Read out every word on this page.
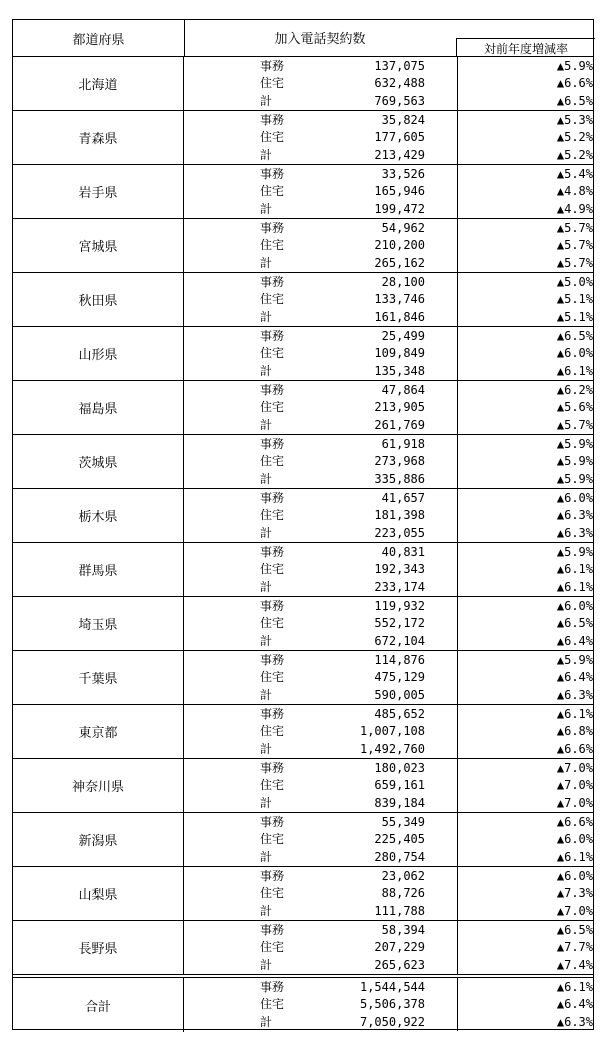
都道府県	加入電話契約数
対前年度増減率
北海道
事務	137,075	▲5.9%
住宅	632,488	▲6.6%
計	769,563	▲6.5%
青森県
事務	35,824	▲5.3%
住宅	177,605	▲5.2%
計	213,429	▲5.2%
岩手県
事務	33,526	▲5.4%
住宅	165,946	▲4.8%
計	199,472	▲4.9%
宮城県
事務	54,962	▲5.7%
住宅	210,200	▲5.7%
計	265,162	▲5.7%
秋田県
事務	28,100	▲5.0%
住宅	133,746	▲5.1%
計	161,846	▲5.1%
山形県
事務	25,499	▲6.5%
住宅	109,849	▲6.0%
計	135,348	▲6.1%
福島県
事務	47,864	▲6.2%
住宅	213,905	▲5.6%
計	261,769	▲5.7%
茨城県
事務	61,918	▲5.9%
住宅	273,968	▲5.9%
計	335,886	▲5.9%
栃木県
事務	41,657	▲6.0%
住宅	181,398	▲6.3%
計	223,055	▲6.3%
群馬県
事務	40,831	▲5.9%
住宅	192,343	▲6.1%
計	233,174	▲6.1%
埼玉県
事務	119,932	▲6.0%
住宅	552,172	▲6.5%
計	672,104	▲6.4%
千葉県
事務	114,876	▲5.9%
住宅	475,129	▲6.4%
計	590,005	▲6.3%
東京都
事務	485,652	▲6.1%
住宅	1,007,108	▲6.8%
計	1,492,760	▲6.6%
神奈川県
事務	180,023	▲7.0%
住宅	659,161	▲7.0%
計	839,184	▲7.0%
新潟県
事務	55,349	▲6.6%
住宅	225,405	▲6.0%
計	280,754	▲6.1%
山梨県
事務	23,062	▲6.0%
住宅	88,726	▲7.3%
計	111,788	▲7.0%
長野県
事務	58,394	▲6.5%
住宅	207,229	▲7.7%
計	265,623	▲7.4%
合計
事務	1,544,544	▲6.1%
住宅	5,506,378	▲6.4%
計	7,050,922	▲6.3%
